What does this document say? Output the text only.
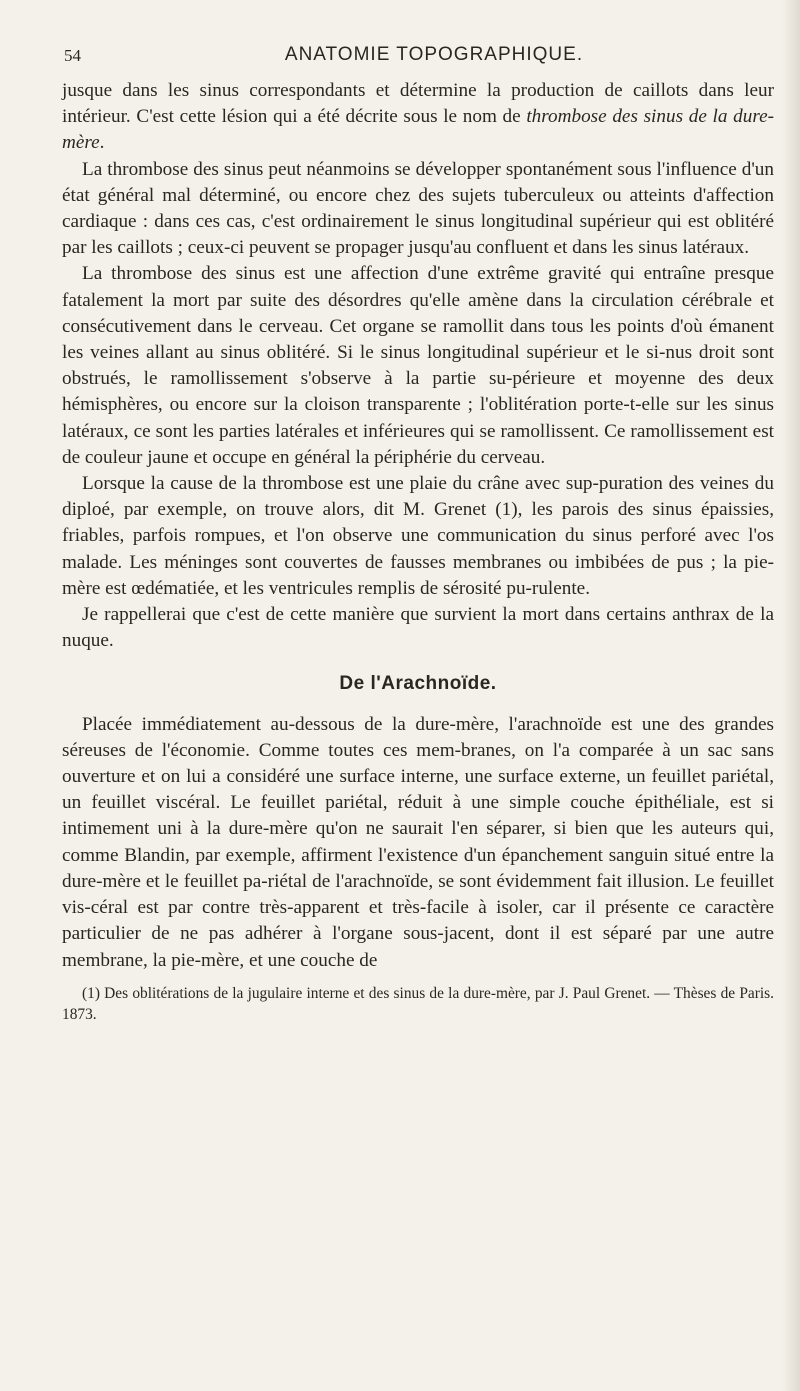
54	ANATOMIE TOPOGRAPHIQUE.

jusque dans les sinus correspondants et détermine la production de caillots dans leur intérieur. C'est cette lésion qui a été décrite sous le nom de thrombose des sinus de la dure-mère.

La thrombose des sinus peut néanmoins se développer spontanément sous l'influence d'un état général mal déterminé, ou encore chez des sujets tuberculeux ou atteints d'affection cardiaque : dans ces cas, c'est ordinairement le sinus longitudinal supérieur qui est oblitéré par les caillots ; ceux-ci peuvent se propager jusqu'au confluent et dans les sinus latéraux.

La thrombose des sinus est une affection d'une extrême gravité qui entraîne presque fatalement la mort par suite des désordres qu'elle amène dans la circulation cérébrale et consécutivement dans le cerveau. Cet organe se ramollit dans tous les points d'où émanent les veines allant au sinus oblitéré. Si le sinus longitudinal supérieur et le si-nus droit sont obstrués, le ramollissement s'observe à la partie su-périeure et moyenne des deux hémisphères, ou encore sur la cloison transparente ; l'oblitération porte-t-elle sur les sinus latéraux, ce sont les parties latérales et inférieures qui se ramollissent. Ce ramollissement est de couleur jaune et occupe en général la périphérie du cerveau.

Lorsque la cause de la thrombose est une plaie du crâne avec sup-puration des veines du diploé, par exemple, on trouve alors, dit M. Grenet (1), les parois des sinus épaissies, friables, parfois rompues, et l'on observe une communication du sinus perforé avec l'os malade. Les méninges sont couvertes de fausses membranes ou imbibées de pus ; la pie-mère est œdématiée, et les ventricules remplis de sérosité pu-rulente.

Je rappellerai que c'est de cette manière que survient la mort dans certains anthrax de la nuque.

De l'Arachnoïde.

Placée immédiatement au-dessous de la dure-mère, l'arachnoïde est une des grandes séreuses de l'économie. Comme toutes ces mem-branes, on l'a comparée à un sac sans ouverture et on lui a considéré une surface interne, une surface externe, un feuillet pariétal, un feuillet viscéral. Le feuillet pariétal, réduit à une simple couche épithéliale, est si intimement uni à la dure-mère qu'on ne saurait l'en séparer, si bien que les auteurs qui, comme Blandin, par exemple, affirment l'existence d'un épanchement sanguin situé entre la dure-mère et le feuillet pa-riétal de l'arachnoïde, se sont évidemment fait illusion. Le feuillet vis-céral est par contre très-apparent et très-facile à isoler, car il présente ce caractère particulier de ne pas adhérer à l'organe sous-jacent, dont il est séparé par une autre membrane, la pie-mère, et une couche de

(1) Des oblitérations de la jugulaire interne et des sinus de la dure-mère, par J. Paul Grenet. — Thèses de Paris. 1873.
